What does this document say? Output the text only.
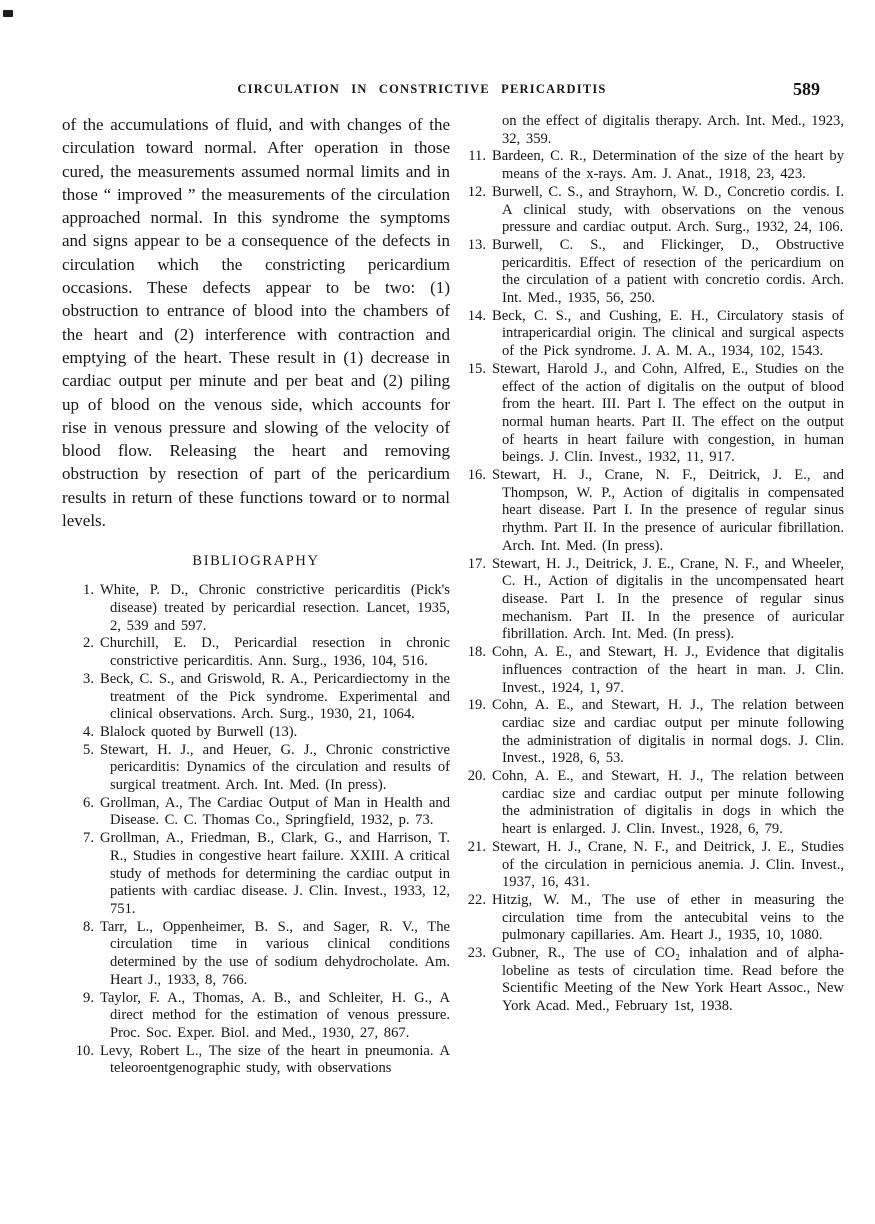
CIRCULATION IN CONSTRICTIVE PERICARDITIS	589

of the accumulations of fluid, and with changes of the circulation toward normal. After operation in those cured, the measurements assumed normal limits and in those “ improved ” the measurements of the circulation approached normal. In this syndrome the symptoms and signs appear to be a consequence of the defects in circulation which the constricting pericardium occasions. These defects appear to be two: (1) obstruction to entrance of blood into the chambers of the heart and (2) interference with contraction and emptying of the heart. These result in (1) decrease in cardiac output per minute and per beat and (2) piling up of blood on the venous side, which accounts for rise in venous pressure and slowing of the velocity of blood flow. Releasing the heart and removing obstruction by resection of part of the pericardium results in return of these functions toward or to normal levels.

BIBLIOGRAPHY
1. White, P. D., Chronic constrictive pericarditis (Pick's disease) treated by pericardial resection. Lancet, 1935, 2, 539 and 597.
2. Churchill, E. D., Pericardial resection in chronic constrictive pericarditis. Ann. Surg., 1936, 104, 516.
3. Beck, C. S., and Griswold, R. A., Pericardiectomy in the treatment of the Pick syndrome. Experimental and clinical observations. Arch. Surg., 1930, 21, 1064.
4. Blalock quoted by Burwell (13).
5. Stewart, H. J., and Heuer, G. J., Chronic constrictive pericarditis: Dynamics of the circulation and results of surgical treatment. Arch. Int. Med. (In press).
6. Grollman, A., The Cardiac Output of Man in Health and Disease. C. C. Thomas Co., Springfield, 1932, p. 73.
7. Grollman, A., Friedman, B., Clark, G., and Harrison, T. R., Studies in congestive heart failure. XXIII. A critical study of methods for determining the cardiac output in patients with cardiac disease. J. Clin. Invest., 1933, 12, 751.
8. Tarr, L., Oppenheimer, B. S., and Sager, R. V., The circulation time in various clinical conditions determined by the use of sodium dehydrocholate. Am. Heart J., 1933, 8, 766.
9. Taylor, F. A., Thomas, A. B., and Schleiter, H. G., A direct method for the estimation of venous pressure. Proc. Soc. Exper. Biol. and Med., 1930, 27, 867.
10. Levy, Robert L., The size of the heart in pneumonia. A teleoroentgenographic study, with observations
on the effect of digitalis therapy. Arch. Int. Med., 1923, 32, 359.
11. Bardeen, C. R., Determination of the size of the heart by means of the x-rays. Am. J. Anat., 1918, 23, 423.
12. Burwell, C. S., and Strayhorn, W. D., Concretio cordis. I. A clinical study, with observations on the venous pressure and cardiac output. Arch. Surg., 1932, 24, 106.
13. Burwell, C. S., and Flickinger, D., Obstructive pericarditis. Effect of resection of the pericardium on the circulation of a patient with concretio cordis. Arch. Int. Med., 1935, 56, 250.
14. Beck, C. S., and Cushing, E. H., Circulatory stasis of intrapericardial origin. The clinical and surgical aspects of the Pick syndrome. J. A. M. A., 1934, 102, 1543.
15. Stewart, Harold J., and Cohn, Alfred, E., Studies on the effect of the action of digitalis on the output of blood from the heart. III. Part I. The effect on the output in normal human hearts. Part II. The effect on the output of hearts in heart failure with congestion, in human beings. J. Clin. Invest., 1932, 11, 917.
16. Stewart, H. J., Crane, N. F., Deitrick, J. E., and Thompson, W. P., Action of digitalis in compensated heart disease. Part I. In the presence of regular sinus rhythm. Part II. In the presence of auricular fibrillation. Arch. Int. Med. (In press).
17. Stewart, H. J., Deitrick, J. E., Crane, N. F., and Wheeler, C. H., Action of digitalis in the uncompensated heart disease. Part I. In the presence of regular sinus mechanism. Part II. In the presence of auricular fibrillation. Arch. Int. Med. (In press).
18. Cohn, A. E., and Stewart, H. J., Evidence that digitalis influences contraction of the heart in man. J. Clin. Invest., 1924, 1, 97.
19. Cohn, A. E., and Stewart, H. J., The relation between cardiac size and cardiac output per minute following the administration of digitalis in normal dogs. J. Clin. Invest., 1928, 6, 53.
20. Cohn, A. E., and Stewart, H. J., The relation between cardiac size and cardiac output per minute following the administration of digitalis in dogs in which the heart is enlarged. J. Clin. Invest., 1928, 6, 79.
21. Stewart, H. J., Crane, N. F., and Deitrick, J. E., Studies of the circulation in pernicious anemia. J. Clin. Invest., 1937, 16, 431.
22. Hitzig, W. M., The use of ether in measuring the circulation time from the antecubital veins to the pulmonary capillaries. Am. Heart J., 1935, 10, 1080.
23. Gubner, R., The use of CO₂ inhalation and of alpha-lobeline as tests of circulation time. Read before the Scientific Meeting of the New York Heart Assoc., New York Acad. Med., February 1st, 1938.
